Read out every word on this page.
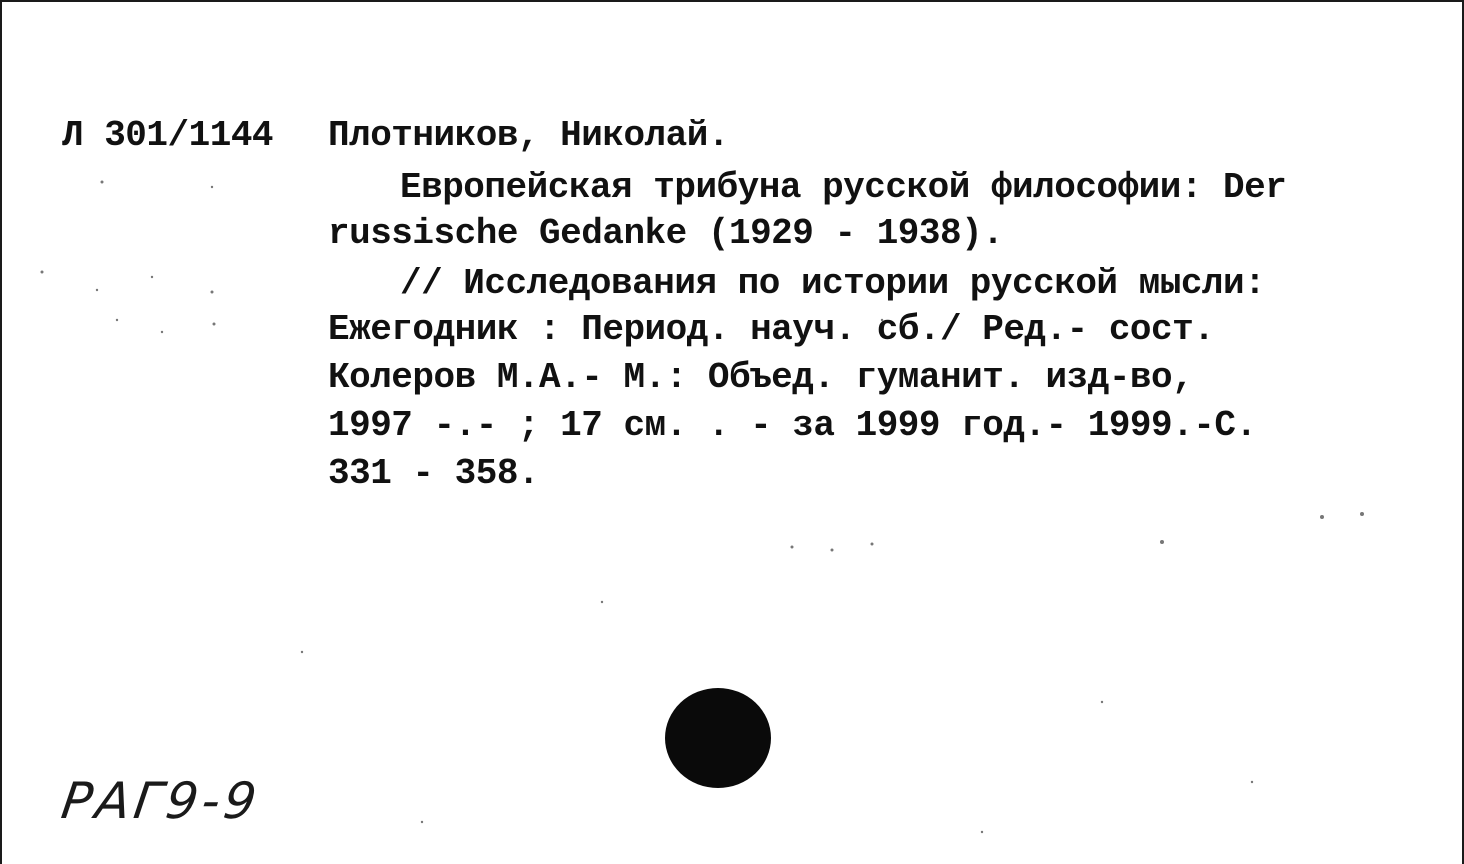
Л 301/1144 Плотников, Николай.
Европейская трибуна русской философии: Der
russische Gedanke (1929 - 1938).
// Исследования по истории русской мысли:
Ежегодник : Период. науч. сб./ Ред.- сост.
Колеров М.А.- М.: Объед. гуманит. изд-во,
1997 -.- ; 17 см. . - за 1999 год.- 1999.-С.
331 - 358.
РАГ9-9
